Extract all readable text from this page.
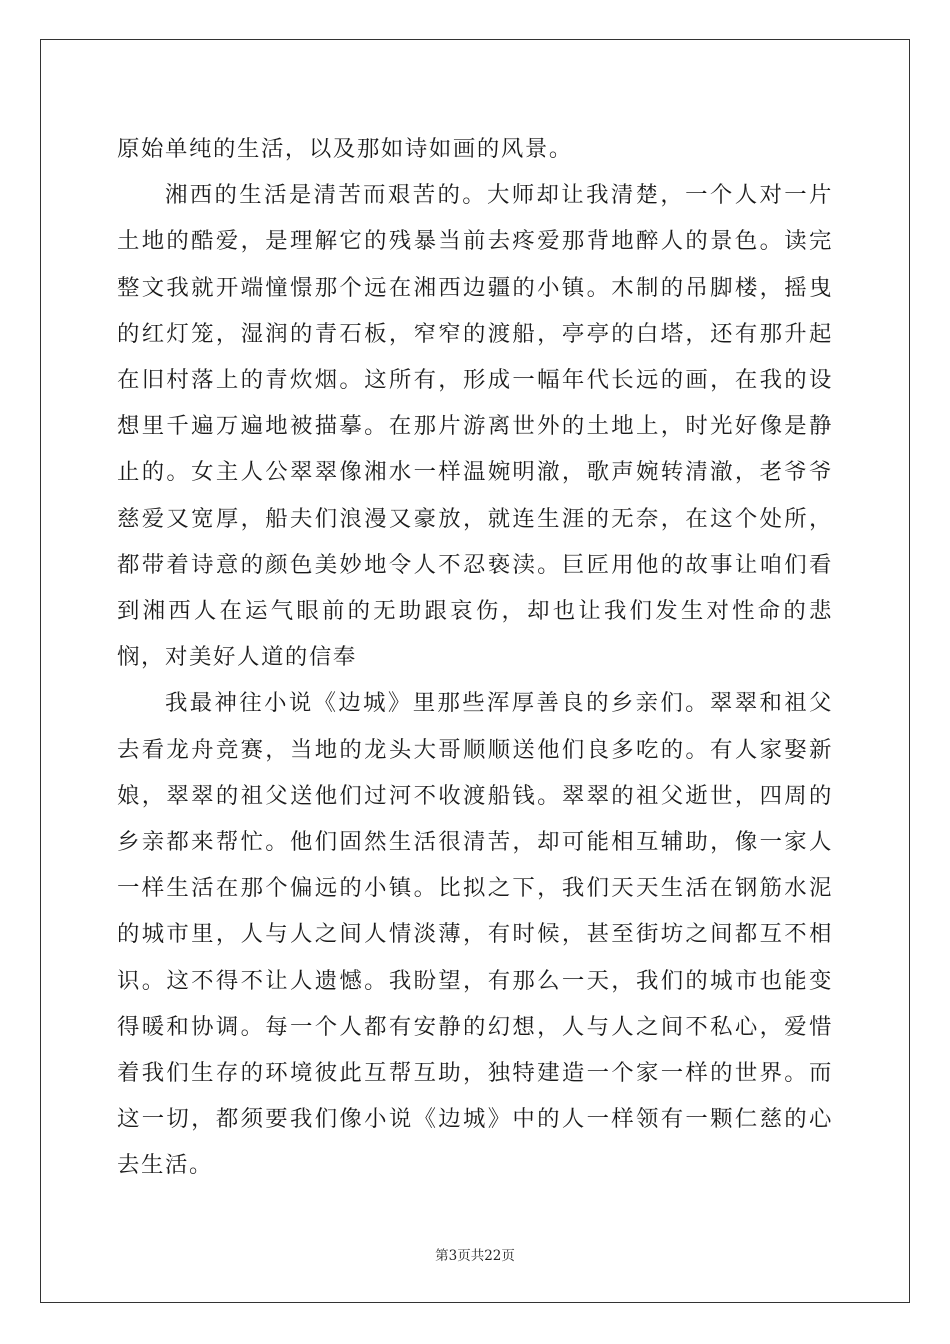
原始单纯的生活，以及那如诗如画的风景。

湘西的生活是清苦而艰苦的。大师却让我清楚，一个人对一片土地的酷爱，是理解它的残暴当前去疼爱那背地醉人的景色。读完整文我就开端憧憬那个远在湘西边疆的小镇。木制的吊脚楼，摇曳的红灯笼，湿润的青石板，窄窄的渡船，亭亭的白塔，还有那升起在旧村落上的青炊烟。这所有，形成一幅年代长远的画，在我的设想里千遍万遍地被描摹。在那片游离世外的土地上，时光好像是静止的。女主人公翠翠像湘水一样温婉明澈，歌声婉转清澈，老爷爷慈爱又宽厚，船夫们浪漫又豪放，就连生涯的无奈，在这个处所，都带着诗意的颜色美妙地令人不忍亵渎。巨匠用他的故事让咱们看到湘西人在运气眼前的无助跟哀伤，却也让我们发生对性命的悲悯，对美好人道的信奉

我最神往小说《边城》里那些浑厚善良的乡亲们。翠翠和祖父去看龙舟竞赛，当地的龙头大哥顺顺送他们良多吃的。有人家娶新娘，翠翠的祖父送他们过河不收渡船钱。翠翠的祖父逝世，四周的乡亲都来帮忙。他们固然生活很清苦，却可能相互辅助，像一家人一样生活在那个偏远的小镇。比拟之下，我们天天生活在钢筋水泥的城市里，人与人之间人情淡薄，有时候，甚至街坊之间都互不相识。这不得不让人遗憾。我盼望，有那么一天，我们的城市也能变得暖和协调。每一个人都有安静的幻想，人与人之间不私心，爱惜着我们生存的环境彼此互帮互助，独特建造一个家一样的世界。而这一切，都须要我们像小说《边城》中的人一样领有一颗仁慈的心去生活。

第3页共22页
